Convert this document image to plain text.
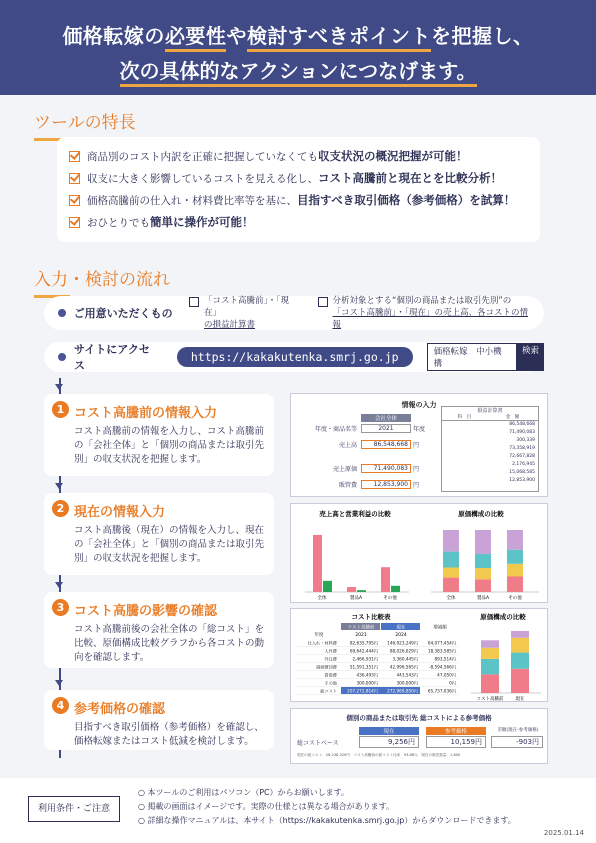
価格転嫁の必要性や検討すべきポイントを把握し、
次の具体的なアクションにつなげます。
ツールの特長
商品別のコスト内訳を正確に把握していなくても 収支状況の概況把握が可能！
収支に大きく影響しているコストを見える化し、 コスト高騰前と現在とを比較分析！
価格高騰前の仕入れ・材料費比率等を基に、 目指すべき取引価格（参考価格）を試算！
おひとりでも 簡単に操作が可能！
入力・検討の流れ
ご用意いただくもの
「コスト高騰前」・「現在」
の損益計算書
分析対象とする“個別の商品または取引先別”の
「コスト高騰前」・「現在」の売上高、各コストの情報
サイトにアクセス
https://kakakutenka.smrj.go.jp	価格転嫁　中小機構
検索
1 コスト高騰前の情報入力

コスト高騰前の情報を入力し、コスト高騰前の「会社全体」と「個別の商品または取引先別」の収支状況を把握します。

2 現在の情報入力

コスト高騰後（現在）の情報を入力し、現在の「会社全体」と「個別の商品または取引先別」の収支状況を把握します。

3 コスト高騰の影響の確認

コスト高騰前後の会社全体の「総コスト」を比較、原価構成比較グラフから各コストの動向を確認します。

4 参考価格の確認

目指すべき取引価格（参考価格）を確認し、価格転嫁またはコスト低減を検討します。

情報の入力
会社全体
年度・商品名等	2021	年度
売上高	86,548,668 円
売上原価	71,490,083 円
販管費	12,853,900 円
損益計算書
科　目	金　額
86,548,668
71,490,083
300,339
73,358,919
72,667,828
2,176,945
15,068,585
12,853,900
売上高と営業利益の比較	原価構成の比較
全体	製品A	その他	全体	製品A	その他
コスト比較表	原価構成の比較
コスト高騰前	現在	増減額
年度	2021	2024
仕入れ・材料費	82,635,795円 146,923,249円 64,077,454円
人件費	69,642,444円	88,026,029円 18,383,585円
外注費	2,466,931円	3,360,445円	893,514円
減価償却費	51,591,351円	42,996,565円	-8,594,566円
賃借費	436,493円	443,543円	47,050円
その他	300,000円	300,000円	0円
総コスト 207,272,814円 272,969,850円 65,737,036円
コスト高騰前	現在
個別の商品または取引先 総コストによる参考価格
現在	参考価格	差額(現在-参考価格)
総コストベース	9,256円	10,159円	-903円
現在の総コスト：26,238,329円　コスト高騰前の総コスト比率：93.88％　現在の販売数量：1,800
利用条件・ご注意
○ 本ツールのご利用はパソコン（PC）からお願いします。
○ 掲載の画面はイメージです。実際の仕様とは異なる場合があります。
○ 詳細な操作マニュアルは、本サイト（https://kakakutenka.smrj.go.jp）からダウンロードできます。
2025.01.14
